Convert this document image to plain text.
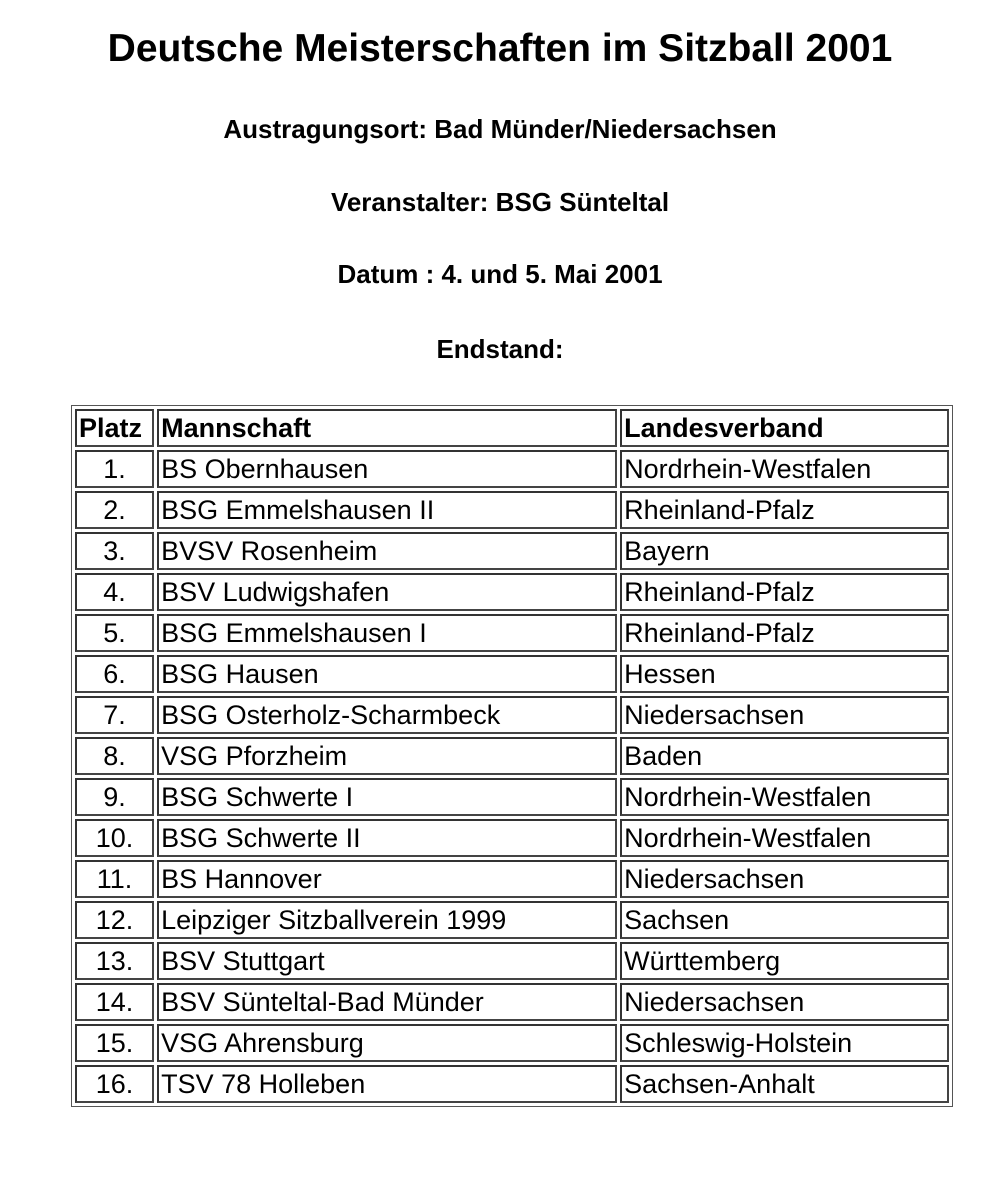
Deutsche Meisterschaften im Sitzball 2001
Austragungsort: Bad Münder/Niedersachsen
Veranstalter: BSG Sünteltal
Datum : 4. und 5. Mai 2001
Endstand:
Platz	Mannschaft	Landesverband
1.	BS Obernhausen	Nordrhein-Westfalen
2.	BSG Emmelshausen II	Rheinland-Pfalz
3.	BVSV Rosenheim	Bayern
4.	BSV Ludwigshafen	Rheinland-Pfalz
5.	BSG Emmelshausen I	Rheinland-Pfalz
6.	BSG Hausen	Hessen
7.	BSG Osterholz-Scharmbeck	Niedersachsen
8.	VSG Pforzheim	Baden
9.	BSG Schwerte I	Nordrhein-Westfalen
10.	BSG Schwerte II	Nordrhein-Westfalen
11.	BS Hannover	Niedersachsen
12.	Leipziger Sitzballverein 1999	Sachsen
13.	BSV Stuttgart	Württemberg
14.	BSV Sünteltal-Bad Münder	Niedersachsen
15.	VSG Ahrensburg	Schleswig-Holstein
16.	TSV 78 Holleben	Sachsen-Anhalt
